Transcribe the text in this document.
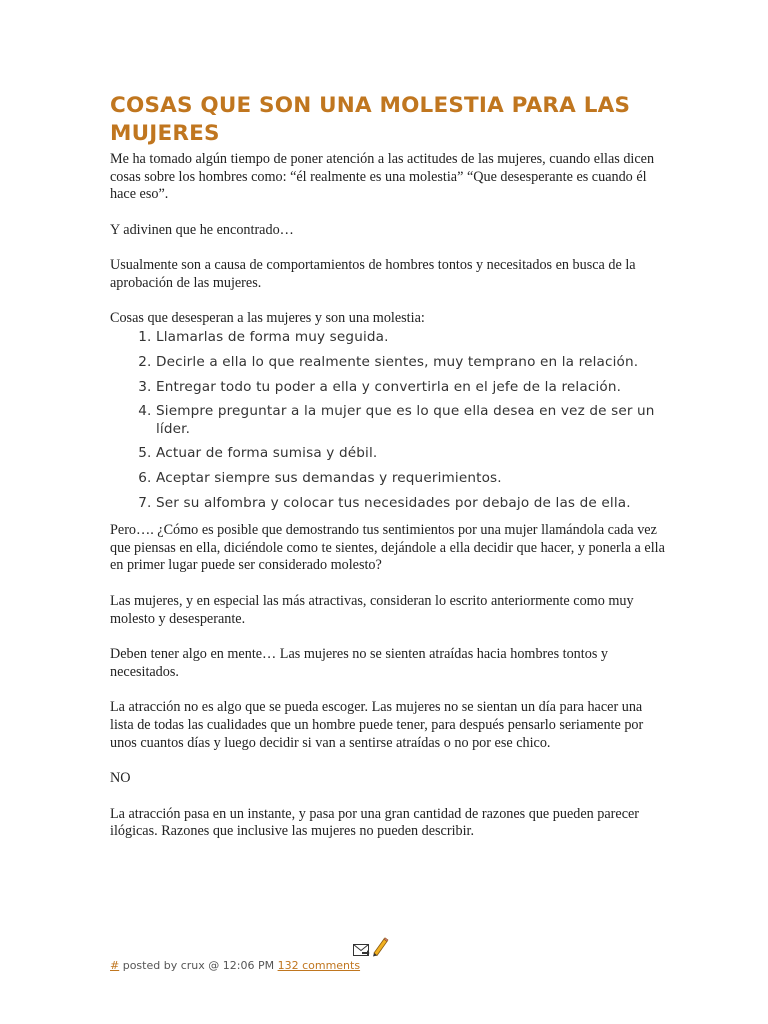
COSAS QUE SON UNA MOLESTIA PARA LAS MUJERES

Me ha tomado algún tiempo de poner atención a las actitudes de las mujeres, cuando ellas dicen cosas sobre los hombres como: “él realmente es una molestia” “Que desesperante es cuando él hace eso”.

Y adivinen que he encontrado…

Usualmente son a causa de comportamientos de hombres tontos y necesitados en busca de la aprobación de las mujeres.

Cosas que desesperan a las mujeres y son una molestia:

1. Llamarlas de forma muy seguida.
2. Decirle a ella lo que realmente sientes, muy temprano en la relación.
3. Entregar todo tu poder a ella y convertirla en el jefe de la relación.
4. Siempre preguntar a la mujer que es lo que ella desea en vez de ser un líder.
5. Actuar de forma sumisa y débil.
6. Aceptar siempre sus demandas y requerimientos.
7. Ser su alfombra y colocar tus necesidades por debajo de las de ella.

Pero…. ¿Cómo es posible que demostrando tus sentimientos por una mujer llamándola cada vez que piensas en ella, diciéndole como te sientes, dejándole a ella decidir que hacer, y ponerla a ella en primer lugar puede ser considerado molesto?

Las mujeres, y en especial las más atractivas, consideran lo escrito anteriormente como muy molesto y desesperante.

Deben tener algo en mente… Las mujeres no se sienten atraídas hacia hombres tontos y necesitados.

La atracción no es algo que se pueda escoger. Las mujeres no se sientan un día para hacer una lista de todas las cualidades que un hombre puede tener, para después pensarlo seriamente por unos cuantos días y luego decidir si van a sentirse atraídas o no por ese chico.

NO

La atracción pasa en un instante, y pasa por una gran cantidad de razones que pueden parecer ilógicas. Razones que inclusive las mujeres no pueden describir.

# posted by crux @ 12:06 PM 132 comments
